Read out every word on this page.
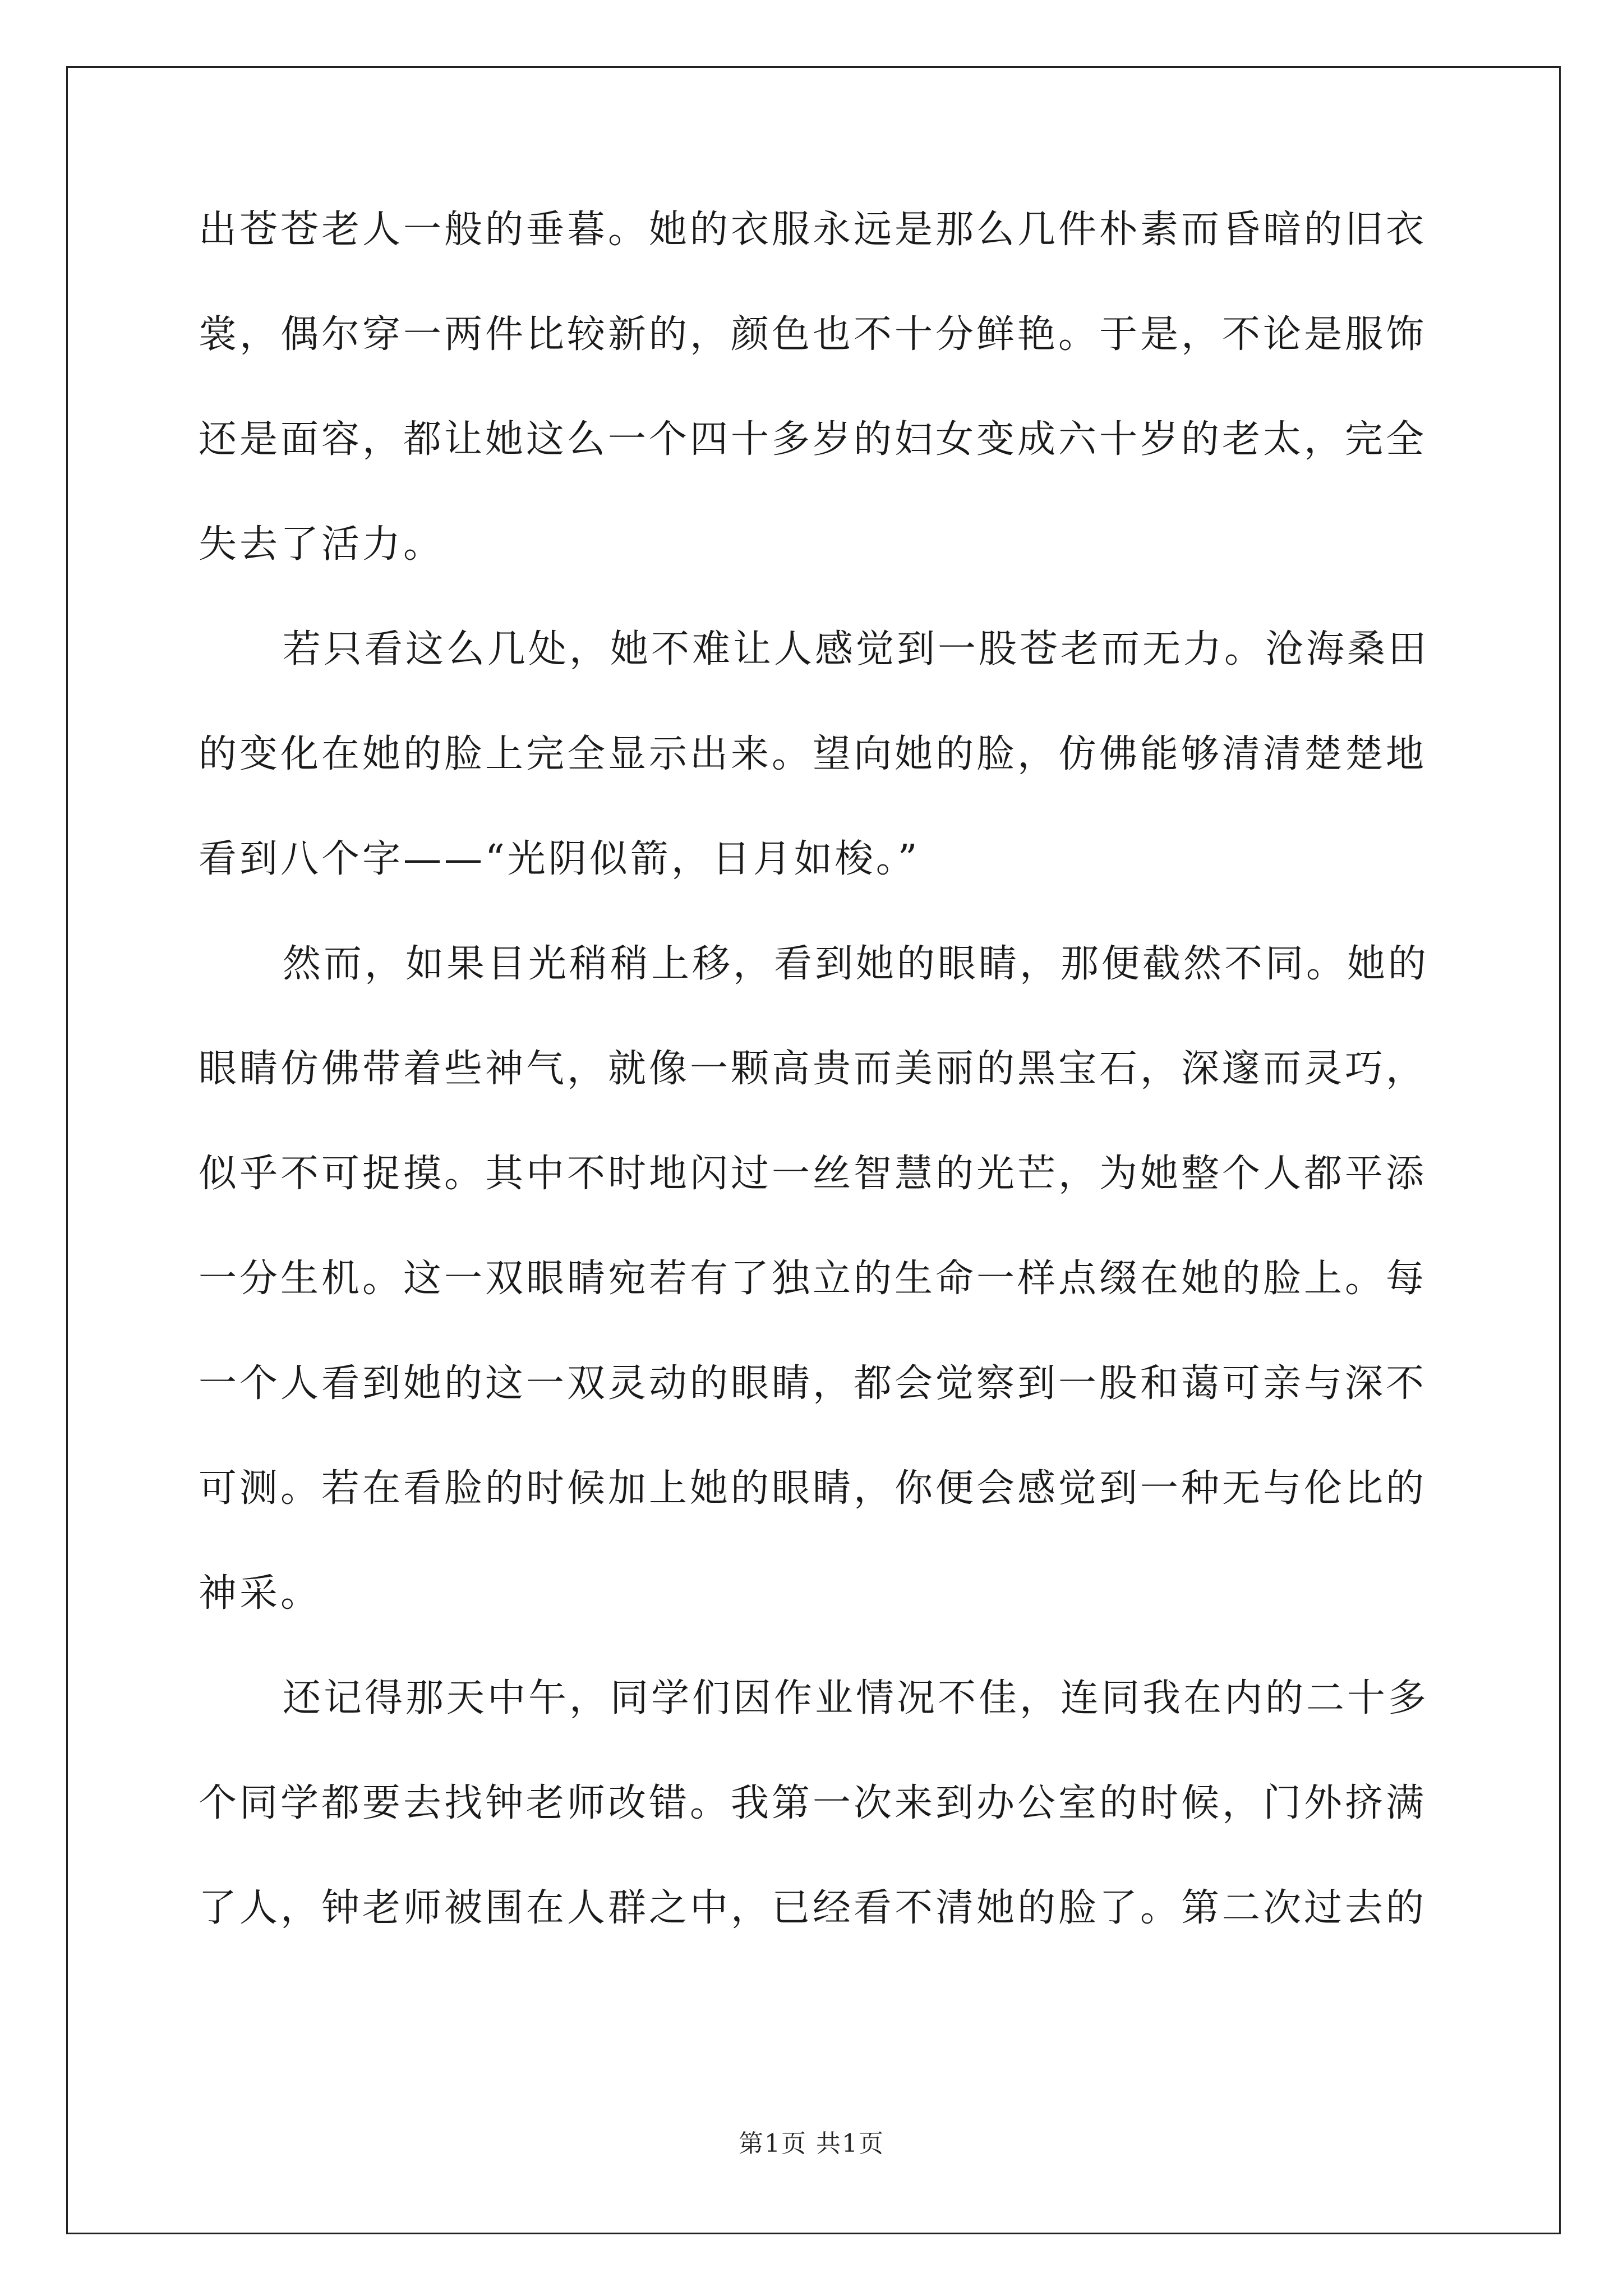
出苍苍老人一般的垂暮。她的衣服永远是那么几件朴素而昏暗的旧衣
裳，偶尔穿一两件比较新的，颜色也不十分鲜艳。于是，不论是服饰
还是面容，都让她这么一个四十多岁的妇女变成六十岁的老太，完全
失去了活力。
若只看这么几处，她不难让人感觉到一股苍老而无力。沧海桑田
的变化在她的脸上完全显示出来。望向她的脸，仿佛能够清清楚楚地
看到八个字——“光阴似箭，日月如梭。”
然而，如果目光稍稍上移，看到她的眼睛，那便截然不同。她的
眼睛仿佛带着些神气，就像一颗高贵而美丽的黑宝石，深邃而灵巧，
似乎不可捉摸。其中不时地闪过一丝智慧的光芒，为她整个人都平添
一分生机。这一双眼睛宛若有了独立的生命一样点缀在她的脸上。每
一个人看到她的这一双灵动的眼睛，都会觉察到一股和蔼可亲与深不
可测。若在看脸的时候加上她的眼睛，你便会感觉到一种无与伦比的
神采。
还记得那天中午，同学们因作业情况不佳，连同我在内的二十多
个同学都要去找钟老师改错。我第一次来到办公室的时候，门外挤满
了人，钟老师被围在人群之中，已经看不清她的脸了。第二次过去的
第1页 共1页
